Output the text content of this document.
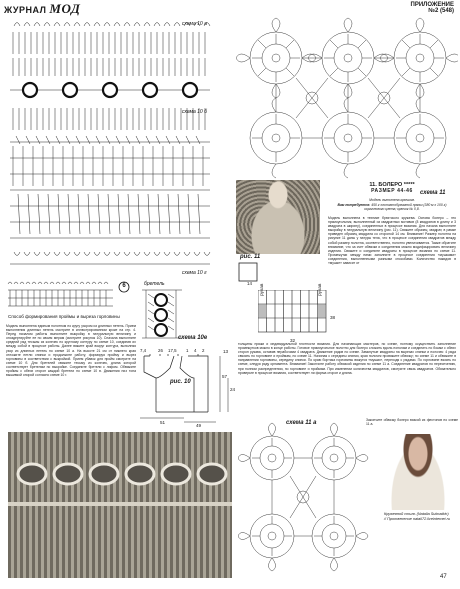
ЖУРНАЛ МОД	ПРИЛОЖЕНИЕ
№2 (548)
схема 10 а
схема 10 б
схема 10 г
6
Способ формирования проймы и выреза горловины
бретель
схема 10е
Модель выполнена единым полотном по кругу узором из длинных петель. Прием выполнения длинных петель смотрите в иллюстрированном кроке на стр. 4. Перед началом работы выполните выкройку в натуральную величину и опоздертируйте ее по своим мерам (смотрите рисунок 10). Сначала выполните средний ряд тесьмы из колечек по круглому контуру по схеме 10, соединив их между собой в процессе работы. Далее вяжите край вокруг контура, выполняя узор из длинных петель по схеме 10 а. На высоте 21 см от нижнего края отложите петли спинки и продолжите работу, формируя пройму и вырез горловины в соответствии с выкройкой. Прием убавок для пройм смотрите на схеме 10 б. Для бретелей свяжите тесьму из колечек, длина которой соответствует бретелям по выкройке. Соедините бретели с лифом. Обвяжите проймы с обеих сторон каждой бретели по схеме 10 в. Движения низ топа вышивкой опорой согласно схеме 10 г.
7,4	26 17,5 1 4 2
рис. 10
51
49
57
24
13
рис. 11
11. БОЛЕРО *****
РАЗМЕР 44-46	схема 11
Модель выполнена крючком.
Вам потребуется: 450 г хлопчатобумажной пряжи (380 м x 100 г) кораллового цвета; крючок № 0,8.
Модель выполнена в технике брюггского кружева. Основа болеро – это прямоугольник, выполненный из квадратных мотивов (8 квадратов в длину и 3 квадрата в ширину), соединенных в процессе вязания. Для начала выполните выкройку в натуральную величину (рис. 11). Свяжите образец: квадрат, в рамке приведен образец квадрата со стороной 14 см. Внимание! Размер полотна на рисунке 11 даны у натуры тела, что в процессе соединения квадратов между собой размер полотна, соответственно, полотно увеличивается. Также обратите внимание, что за счет обвязки и соединения можно модифицировать величину изделия. Свяжите и соедините квадраты в процессе вязания по схеме 11. Промежутки между ними заполните в процессе соединения «мушками» соединения, выполненными разными способами. Количество накидов в «мушке» зависит от
14
рукав	рукав
32
38
толщины пряжи и индивидуальной плотности вязания. Для начинающих мастеров, по схеме, поэтому осуществить заполнение промежутков можно в конце работы. Готовое прямоугольное полотно для болеро сложить вдоль пополам и соединить по бокам с обеих сторон рукава, оставив нерабочими 4 квадрата. Движение рядов по схеме. Замкнутые квадраты на вырезах спинки и полочек: 4 ряда связать по горловине и проймам, по схеме 11. Начиная с середины спинки, края полочек провяжите обвязку; по схеме 11 и обвяжите в направлении горловины, середину спинки. По краю бортика горловины вяжутся «мушки», переходя с рядами. По горловине вязать по схеме, следуя ряду орнамента. Внимание! Закончите работу обвязкой изделия по схеме 11 а. Соединение квадратов по пересечению, при полном распределении, по горловине и проймам. При изменении количества квадратов, смотрите связь квадратов. Обязательно проверьте в процессе вязания, соответствует ли форма сторон и длина.
схема 11 а	Закончите обвязку болеро вязкой из фестонов по схеме 11 а.
Кружевной стиль (Natalia Suknatkin)
// Протвенение natali72.liveinternet.ru
47
